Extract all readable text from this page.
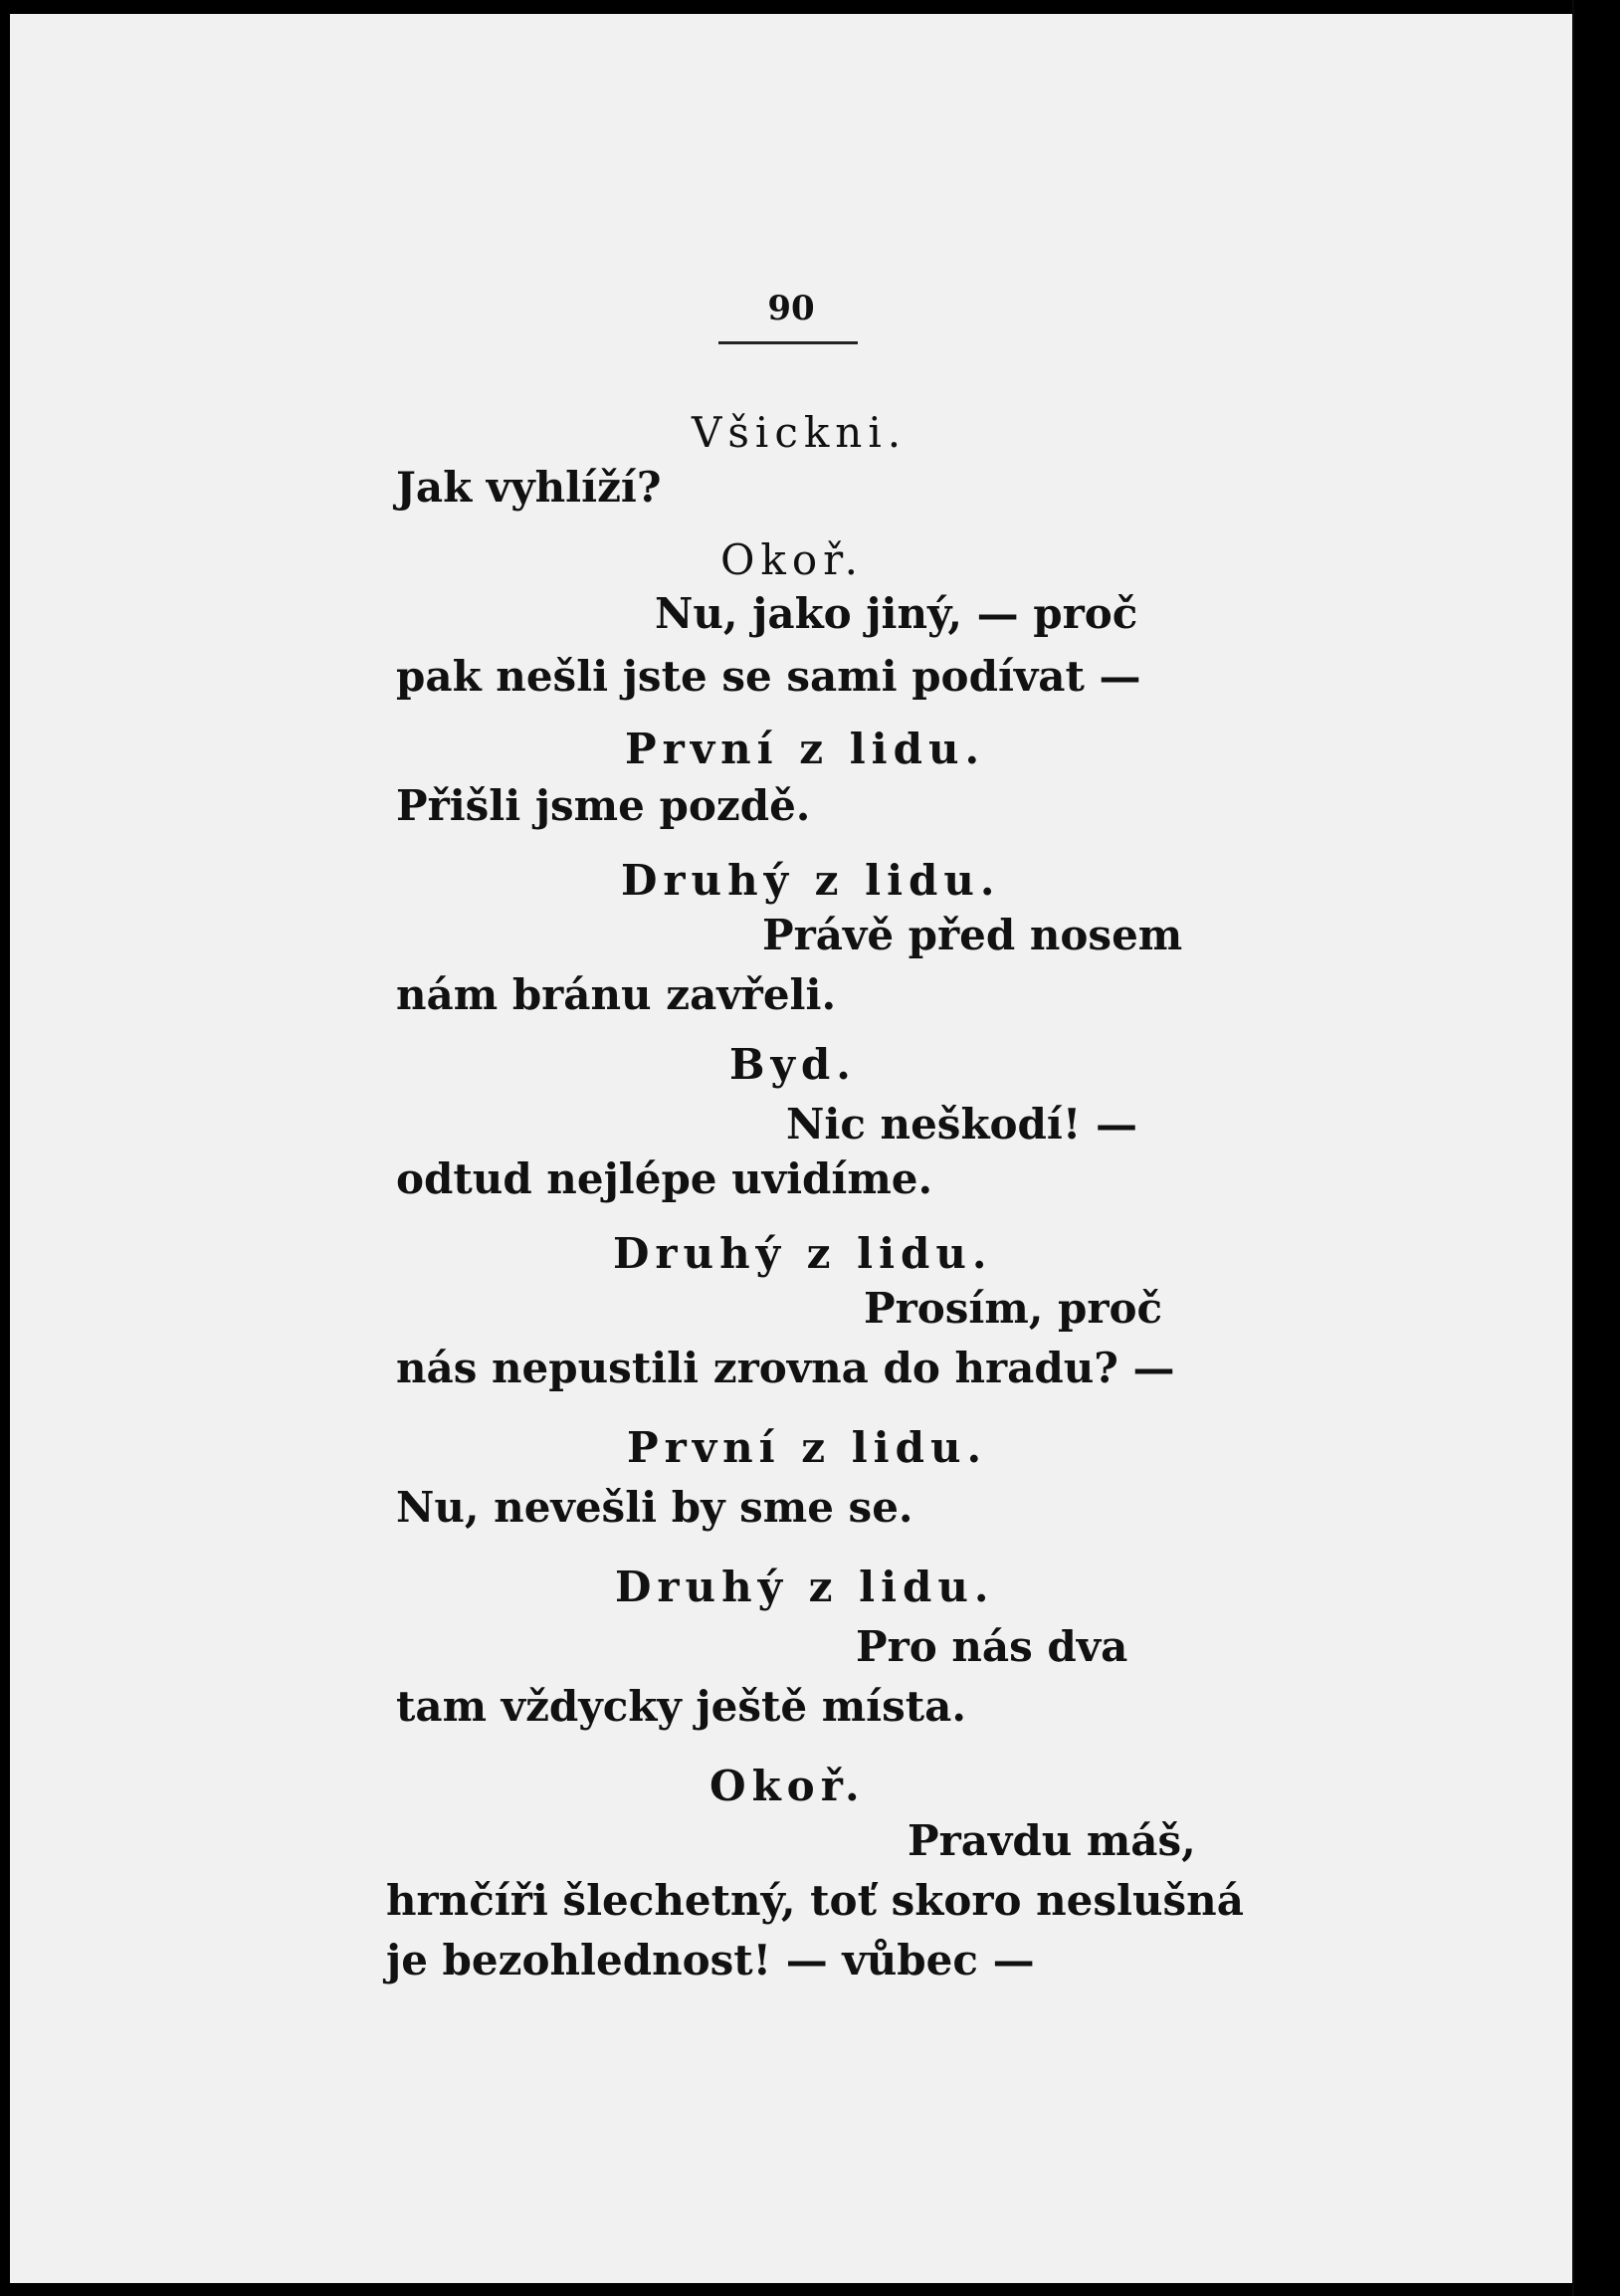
90
Všickni.
Jak vyhlíží?
Okoř.
Nu, jako jiný, — proč
pak nešli jste se sami podívat —
První z lidu.
Přišli jsme pozdě.
Druhý z lidu.
Právě před nosem
nám bránu zavřeli.
Byd.
Nic neškodí! —
odtud nejlépe uvidíme.
Druhý z lidu.
Prosím, proč
nás nepustili zrovna do hradu? —
První z lidu.
Nu, nevešli by sme se.
Druhý z lidu.
Pro nás dva
tam vždycky ještě místa.
Okoř.
Pravdu máš,
hrnčíři šlechetný, toť skoro neslušná
je bezohlednost! — vůbec —
